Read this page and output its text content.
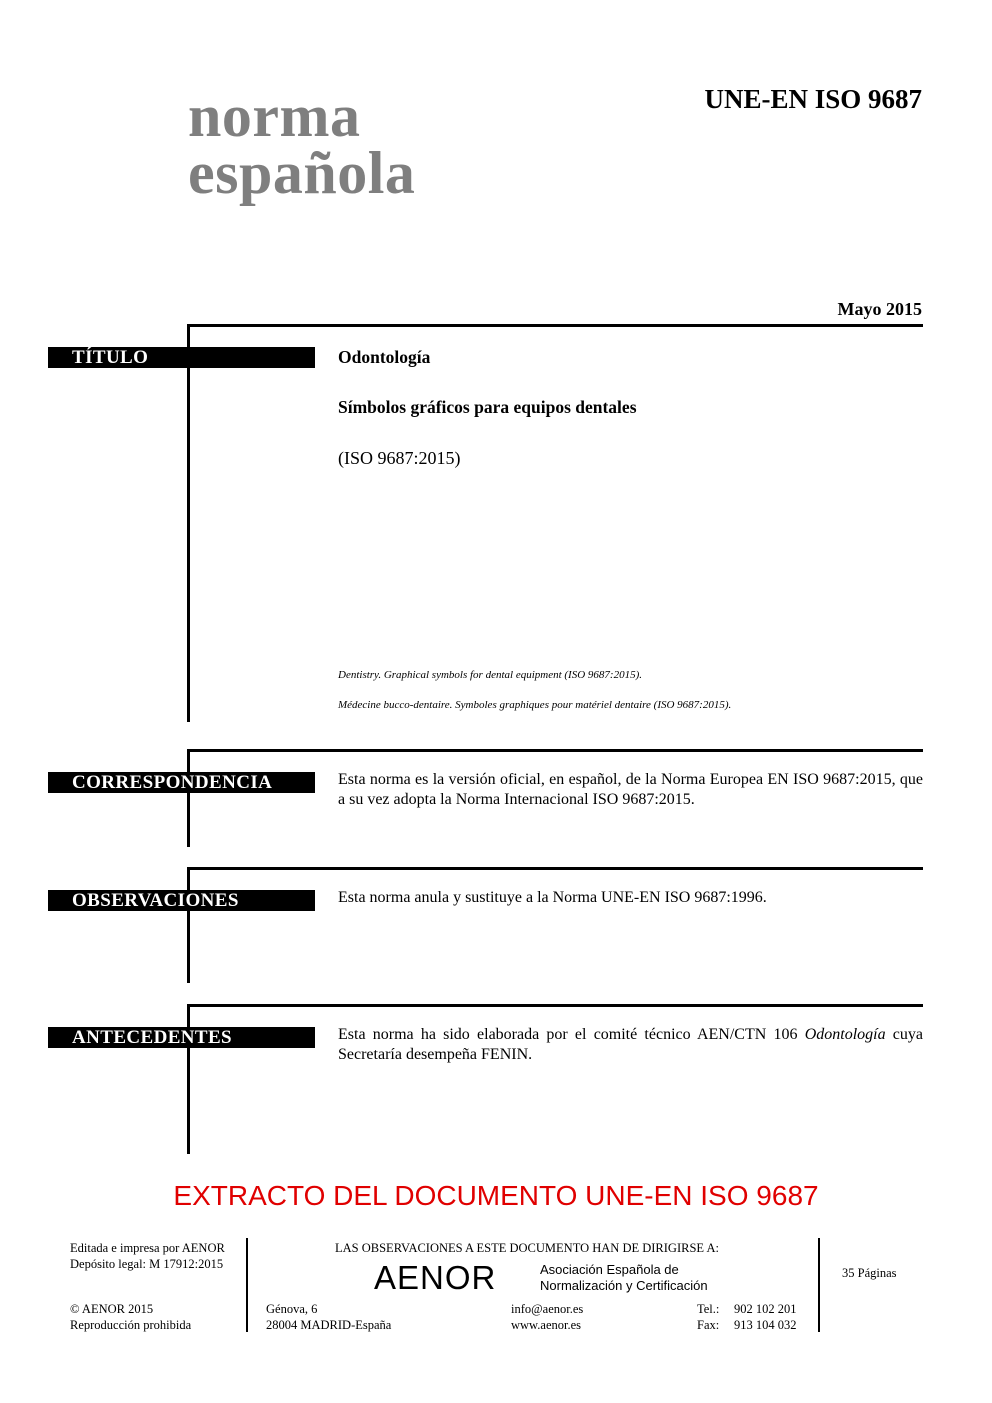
norma
española
UNE-EN ISO 9687
Mayo 2015
TÍTULO	Odontología
Símbolos gráficos para equipos dentales
(ISO 9687:2015)
Dentistry. Graphical symbols for dental equipment (ISO 9687:2015).
Médecine bucco-dentaire. Symboles graphiques pour matériel dentaire (ISO 9687:2015).
CORRESPONDENCIA	Esta norma es la versión oficial, en español, de la Norma Europea EN ISO 9687:2015, que a su vez adopta la Norma Internacional ISO 9687:2015.
OBSERVACIONES	Esta norma anula y sustituye a la Norma UNE-EN ISO 9687:1996.
ANTECEDENTES	Esta norma ha sido elaborada por el comité técnico AEN/CTN 106 Odontología cuya Secretaría desempeña FENIN.
EXTRACTO DEL DOCUMENTO UNE-EN ISO 9687
Editada e impresa por AENOR
Depósito legal: M 17912:2015
© AENOR 2015
Reproducción prohibida
LAS OBSERVACIONES A ESTE DOCUMENTO HAN DE DIRIGIRSE A:
AENOR	Asociación Española de
Normalización y Certificación
Génova, 6
28004 MADRID-España
info@aenor.es
www.aenor.es
Tel.: 902 102 201
Fax: 913 104 032
35 Páginas
